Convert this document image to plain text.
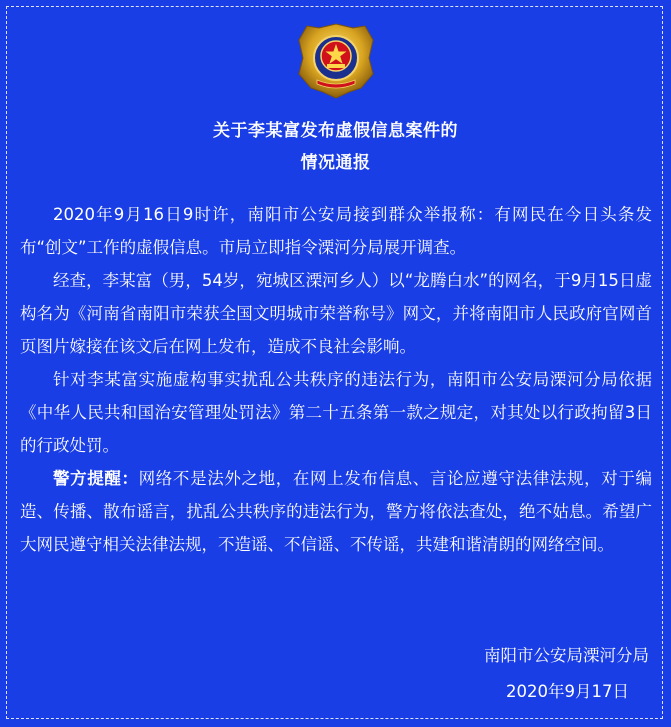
关于李某富发布虚假信息案件的
情况通报

2020年9月16日9时许，南阳市公安局接到群众举报称：有网民在今日头条发布“创文”工作的虚假信息。市局立即指令溧河分局展开调查。

经查，李某富（男，54岁，宛城区溧河乡人）以“龙腾白水”的网名，于9月15日虚构名为《河南省南阳市荣获全国文明城市荣誉称号》网文，并将南阳市人民政府官网首页图片嫁接在该文后在网上发布，造成不良社会影响。

针对李某富实施虚构事实扰乱公共秩序的违法行为，南阳市公安局溧河分局依据《中华人民共和国治安管理处罚法》第二十五条第一款之规定，对其处以行政拘留3日的行政处罚。

警方提醒：网络不是法外之地，在网上发布信息、言论应遵守法律法规，对于编造、传播、散布谣言，扰乱公共秩序的违法行为，警方将依法查处，绝不姑息。希望广大网民遵守相关法律法规，不造谣、不信谣、不传谣，共建和谐清朗的网络空间。

南阳市公安局溧河分局
2020年9月17日
